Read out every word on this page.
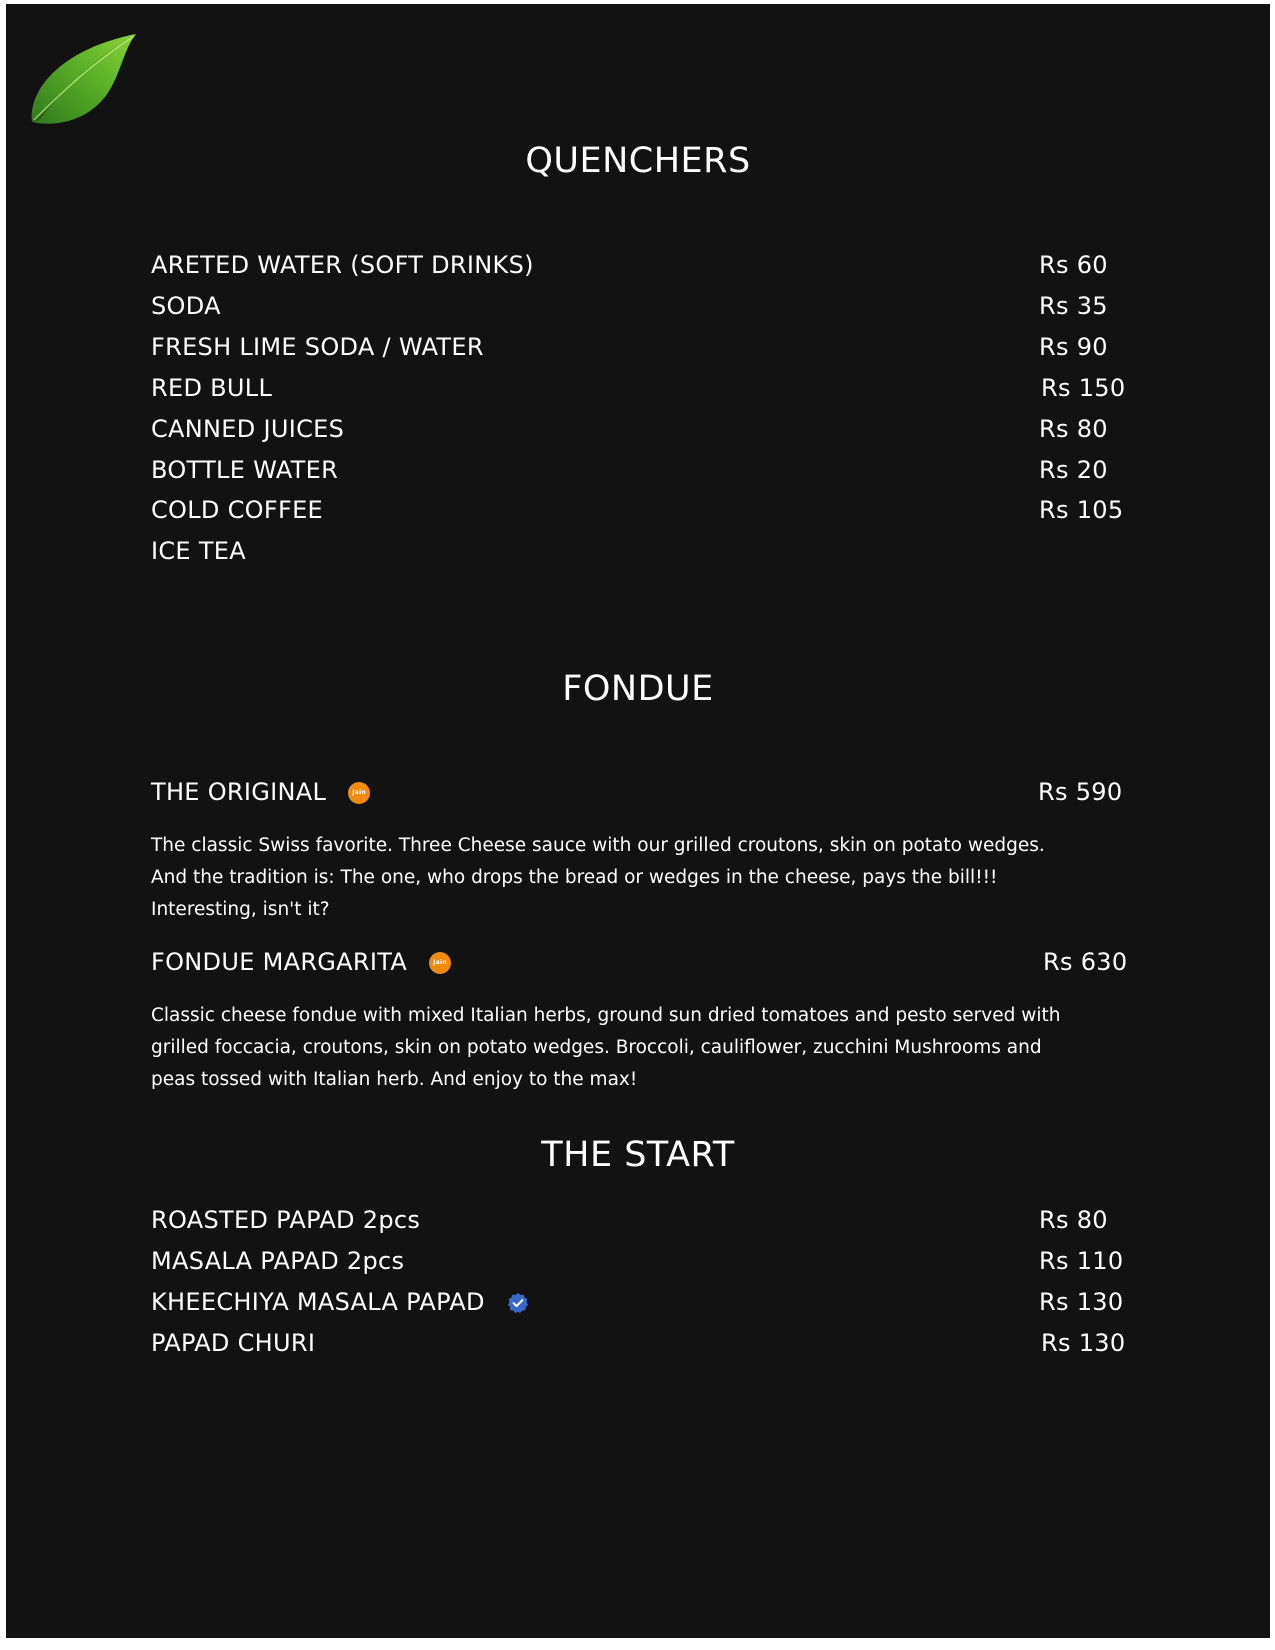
QUENCHERS
ARETED WATER (SOFT DRINKS)	Rs 60
SODA	Rs 35
FRESH LIME SODA / WATER	Rs 90
RED BULL	Rs 150
CANNED JUICES	Rs 80
BOTTLE WATER	Rs 20
COLD COFFEE	Rs 105
ICE TEA
FONDUE
THE ORIGINAL	Jain	Rs 590

The classic Swiss favorite. Three Cheese sauce with our grilled croutons, skin on potato wedges.
And the tradition is: The one, who drops the bread or wedges in the cheese, pays the bill!!!
Interesting, isn't it?

FONDUE MARGARITA	Jain	Rs 630

Classic cheese fondue with mixed Italian herbs, ground sun dried tomatoes and pesto served with
grilled foccacia, croutons, skin on potato wedges. Broccoli, cauliflower, zucchini Mushrooms and
peas tossed with Italian herb. And enjoy to the max!

THE START
ROASTED PAPAD 2pcs	Rs 80
MASALA PAPAD 2pcs	Rs 110
KHEECHIYA MASALA PAPAD	Rs 130
PAPAD CHURI	Rs 130
